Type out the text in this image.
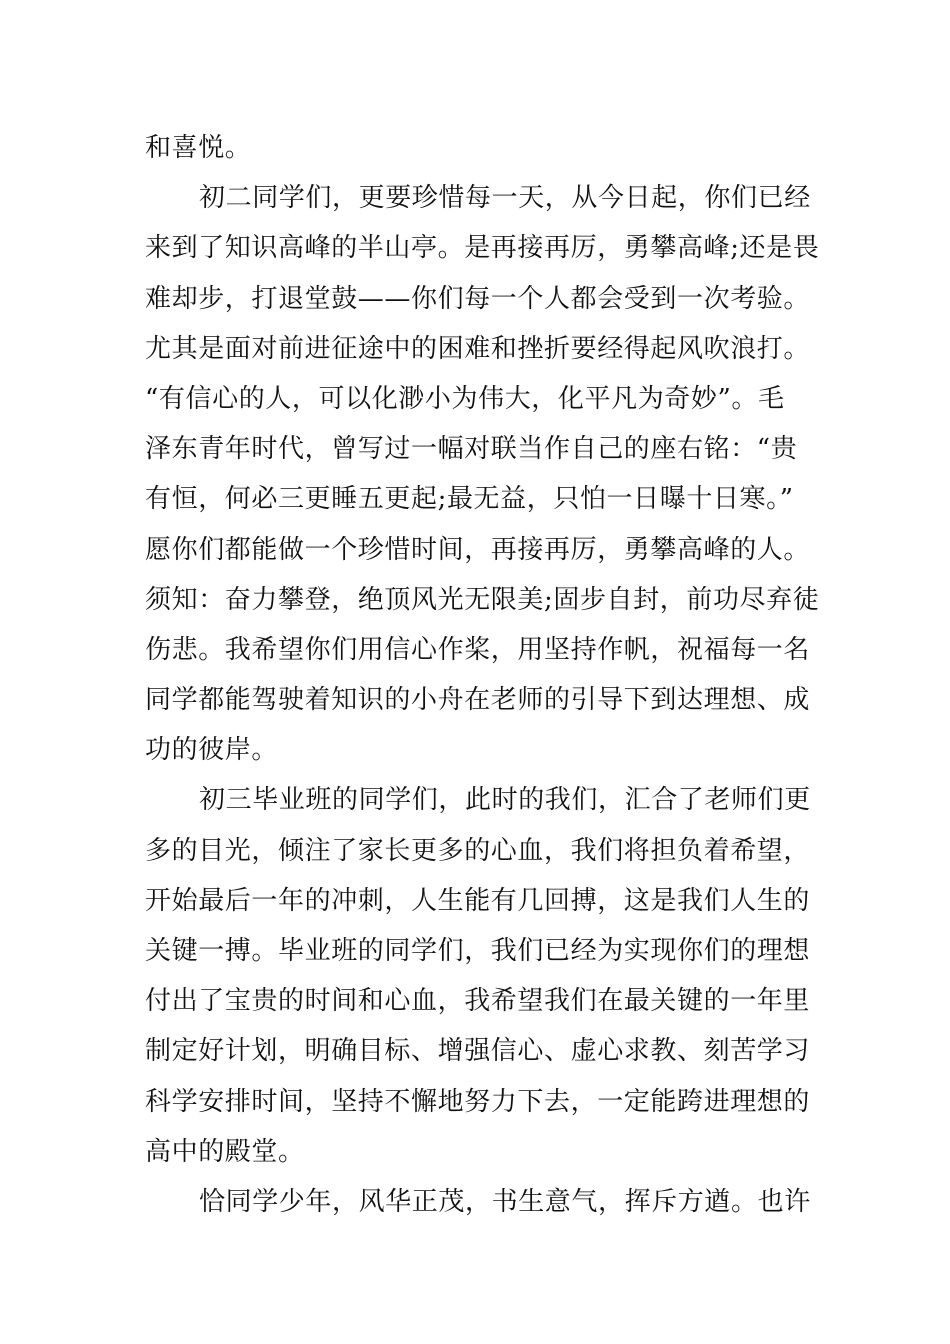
和喜悦。
初二同学们，更要珍惜每一天，从今日起，你们已经
来到了知识高峰的半山亭。是再接再厉，勇攀高峰;还是畏
难却步，打退堂鼓——你们每一个人都会受到一次考验。
尤其是面对前进征途中的困难和挫折要经得起风吹浪打。
“有信心的人，可以化渺小为伟大，化平凡为奇妙”。毛
泽东青年时代，曾写过一幅对联当作自己的座右铭：“贵
有恒，何必三更睡五更起;最无益，只怕一日曝十日寒。”
愿你们都能做一个珍惜时间，再接再厉，勇攀高峰的人。
须知：奋力攀登，绝顶风光无限美;固步自封，前功尽弃徒
伤悲。我希望你们用信心作桨，用坚持作帆，祝福每一名
同学都能驾驶着知识的小舟在老师的引导下到达理想、成
功的彼岸。
初三毕业班的同学们，此时的我们，汇合了老师们更
多的目光，倾注了家长更多的心血，我们将担负着希望，
开始最后一年的冲刺，人生能有几回搏，这是我们人生的
关键一搏。毕业班的同学们，我们已经为实现你们的理想
付出了宝贵的时间和心血，我希望我们在最关键的一年里
制定好计划，明确目标、增强信心、虚心求教、刻苦学习
科学安排时间，坚持不懈地努力下去，一定能跨进理想的
高中的殿堂。
恰同学少年，风华正茂，书生意气，挥斥方遒。也许
